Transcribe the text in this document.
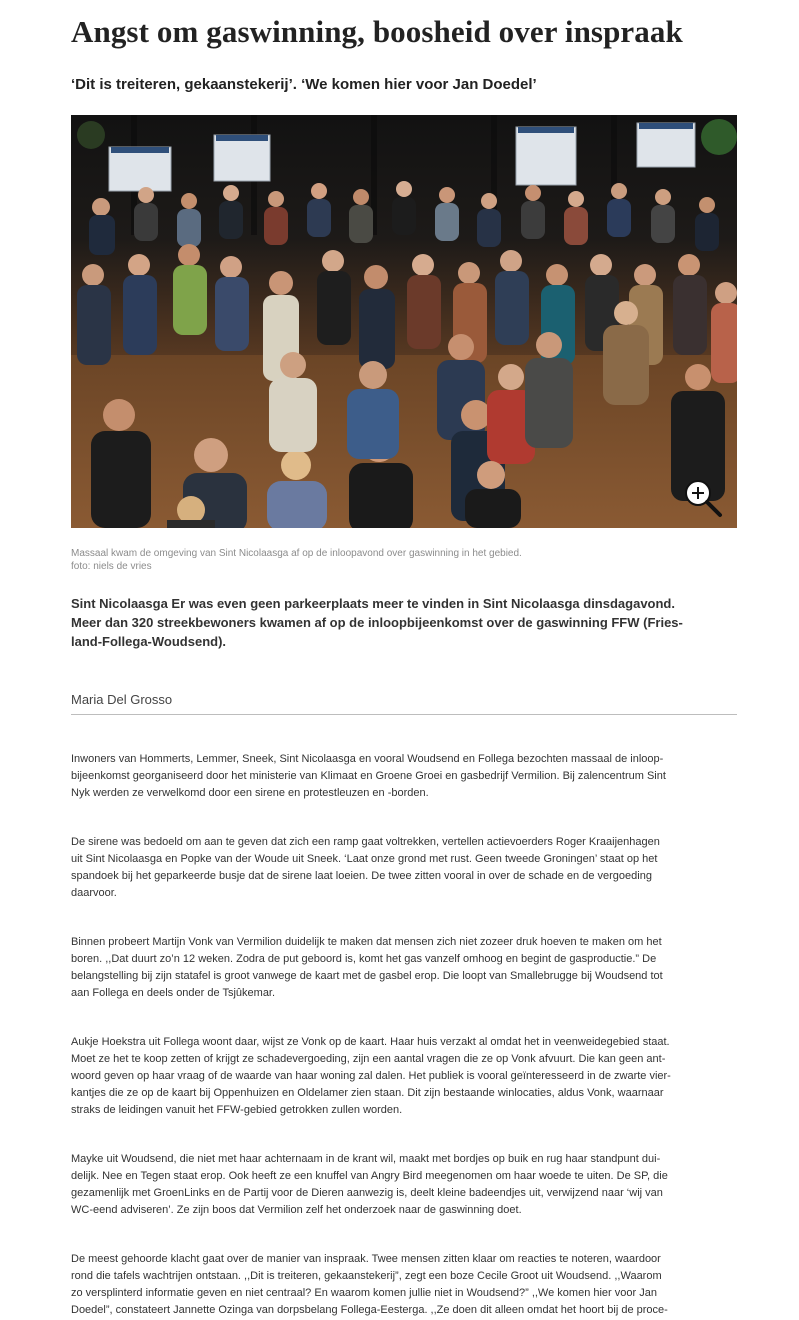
Angst om gaswinning, boosheid over inspraak
‘Dit is treiteren, gekaanstekerij’. ‘We komen hier voor Jan Doedel’

Massaal kwam de omgeving van Sint Nicolaasga af op de inloopavond over gaswinning in het gebied.
foto: niels de vries

Sint Nicolaasga Er was even geen parkeerplaats meer te vinden in Sint Nicolaasga dinsdagavond.
Meer dan 320 streekbewoners kwamen af op de inloopbijeenkomst over de gaswinning FFW (Fries-
land-Follega-Woudsend).

Maria Del Grosso

Inwoners van Hommerts, Lemmer, Sneek, Sint Nicolaasga en vooral Woudsend en Follega bezochten massaal de inloop-
bijeenkomst georganiseerd door het ministerie van Klimaat en Groene Groei en gasbedrijf Vermilion. Bij zalencentrum Sint
Nyk werden ze verwelkomd door een sirene en protestleuzen en -borden.

De sirene was bedoeld om aan te geven dat zich een ramp gaat voltrekken, vertellen actievoerders Roger Kraaijenhagen
uit Sint Nicolaasga en Popke van der Woude uit Sneek. ‘Laat onze grond met rust. Geen tweede Groningen’ staat op het
spandoek bij het geparkeerde busje dat de sirene laat loeien. De twee zitten vooral in over de schade en de vergoeding
daarvoor.

Binnen probeert Martijn Vonk van Vermilion duidelijk te maken dat mensen zich niet zozeer druk hoeven te maken om het
boren. ,,Dat duurt zo’n 12 weken. Zodra de put geboord is, komt het gas vanzelf omhoog en begint de gasproductie.” De
belangstelling bij zijn statafel is groot vanwege de kaart met de gasbel erop. Die loopt van Smallebrugge bij Woudsend tot
aan Follega en deels onder de Tsjûkemar.

Aukje Hoekstra uit Follega woont daar, wijst ze Vonk op de kaart. Haar huis verzakt al omdat het in veenweidegebied staat.
Moet ze het te koop zetten of krijgt ze schadevergoeding, zijn een aantal vragen die ze op Vonk afvuurt. Die kan geen ant-
woord geven op haar vraag of de waarde van haar woning zal dalen. Het publiek is vooral geïnteresseerd in de zwarte vier-
kantjes die ze op de kaart bij Oppenhuizen en Oldelamer zien staan. Dit zijn bestaande winlocaties, aldus Vonk, waarnaar
straks de leidingen vanuit het FFW-gebied getrokken zullen worden.

Mayke uit Woudsend, die niet met haar achternaam in de krant wil, maakt met bordjes op buik en rug haar standpunt dui-
delijk. Nee en Tegen staat erop. Ook heeft ze een knuffel van Angry Bird meegenomen om haar woede te uiten. De SP, die
gezamenlijk met GroenLinks en de Partij voor de Dieren aanwezig is, deelt kleine badeendjes uit, verwijzend naar ‘wij van
WC-eend adviseren’. Ze zijn boos dat Vermilion zelf het onderzoek naar de gaswinning doet.

De meest gehoorde klacht gaat over de manier van inspraak. Twee mensen zitten klaar om reacties te noteren, waardoor
rond die tafels wachtrijen ontstaan. ,,Dit is treiteren, gekaanstekerij”, zegt een boze Cecile Groot uit Woudsend. ,,Waarom
zo versplinterd informatie geven en niet centraal? En waarom komen jullie niet in Woudsend?” ,,We komen hier voor Jan
Doedel”, constateert Jannette Ozinga van dorpsbelang Follega-Eesterga. ,,Ze doen dit alleen omdat het hoort bij de proce-
